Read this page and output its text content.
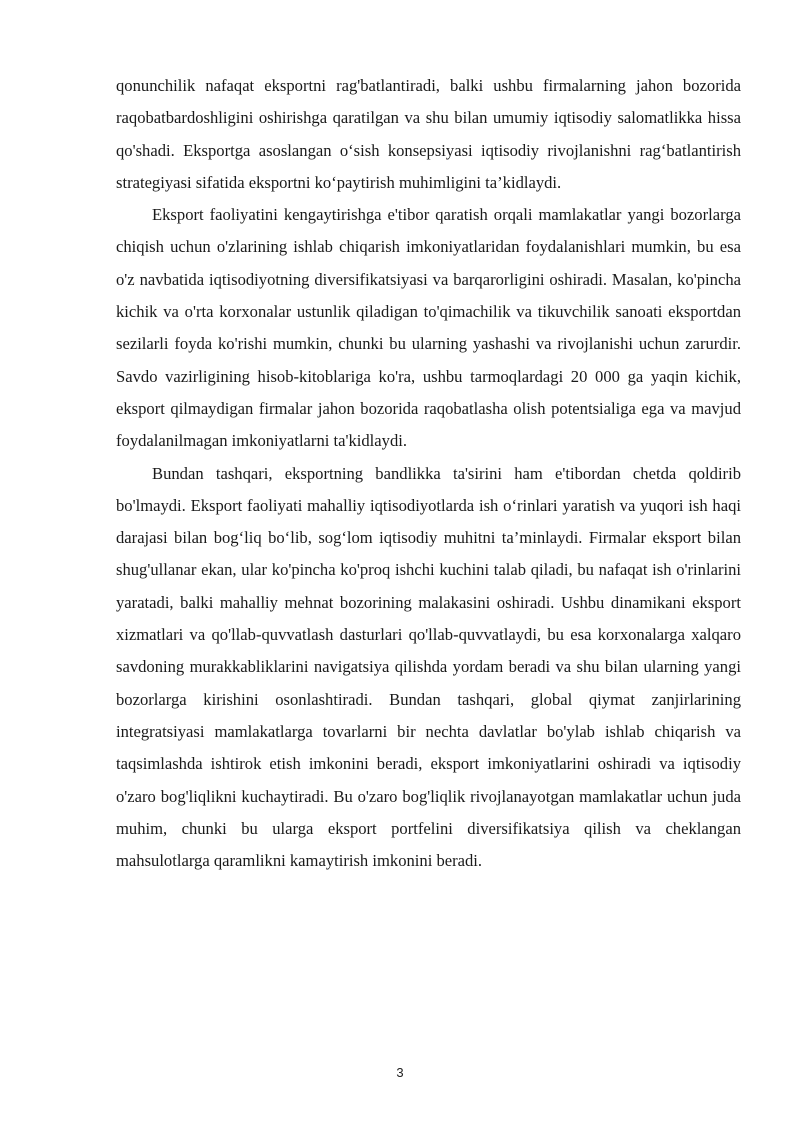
qonunchilik nafaqat eksportni rag'batlantiradi, balki ushbu firmalarning jahon bozorida raqobatbardoshligini oshirishga qaratilgan va shu bilan umumiy iqtisodiy salomatlikka hissa qo'shadi. Eksportga asoslangan o‘sish konsepsiyasi iqtisodiy rivojlanishni rag‘batlantirish strategiyasi sifatida eksportni ko‘paytirish muhimligini ta’kidlaydi.

Eksport faoliyatini kengaytirishga e'tibor qaratish orqali mamlakatlar yangi bozorlarga chiqish uchun o'zlarining ishlab chiqarish imkoniyatlaridan foydalanishlari mumkin, bu esa o'z navbatida iqtisodiyotning diversifikatsiyasi va barqarorligini oshiradi. Masalan, ko'pincha kichik va o'rta korxonalar ustunlik qiladigan to'qimachilik va tikuvchilik sanoati eksportdan sezilarli foyda ko'rishi mumkin, chunki bu ularning yashashi va rivojlanishi uchun zarurdir. Savdo vazirligining hisob-kitoblariga ko'ra, ushbu tarmoqlardagi 20 000 ga yaqin kichik, eksport qilmaydigan firmalar jahon bozorida raqobatlasha olish potentsialiga ega va mavjud foydalanilmagan imkoniyatlarni ta'kidlaydi.

Bundan tashqari, eksportning bandlikka ta'sirini ham e'tibordan chetda qoldirib bo'lmaydi. Eksport faoliyati mahalliy iqtisodiyotlarda ish o‘rinlari yaratish va yuqori ish haqi darajasi bilan bog‘liq bo‘lib, sog‘lom iqtisodiy muhitni ta’minlaydi. Firmalar eksport bilan shug'ullanar ekan, ular ko'pincha ko'proq ishchi kuchini talab qiladi, bu nafaqat ish o'rinlarini yaratadi, balki mahalliy mehnat bozorining malakasini oshiradi. Ushbu dinamikani eksport xizmatlari va qo'llab-quvvatlash dasturlari qo'llab-quvvatlaydi, bu esa korxonalarga xalqaro savdoning murakkabliklarini navigatsiya qilishda yordam beradi va shu bilan ularning yangi bozorlarga kirishini osonlashtiradi. Bundan tashqari, global qiymat zanjirlarining integratsiyasi mamlakatlarga tovarlarni bir nechta davlatlar bo'ylab ishlab chiqarish va taqsimlashda ishtirok etish imkonini beradi, eksport imkoniyatlarini oshiradi va iqtisodiy o'zaro bog'liqlikni kuchaytiradi. Bu o'zaro bog'liqlik rivojlanayotgan mamlakatlar uchun juda muhim, chunki bu ularga eksport portfelini diversifikatsiya qilish va cheklangan mahsulotlarga qaramlikni kamaytirish imkonini beradi.

3
